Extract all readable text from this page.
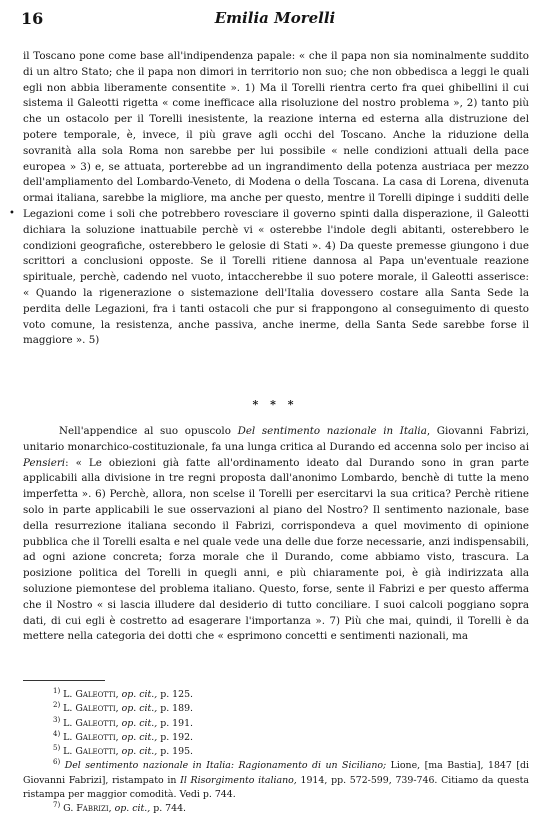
16	Emilia Morelli
•

il Toscano pone come base all'indipendenza papale: « che il papa non sia nominalmente suddito di un altro Stato; che il papa non dimori in territorio non suo; che non obbedisca a leggi le quali egli non abbia liberamente consentite ». 1) Ma il Torelli rientra certo fra quei ghibellini il cui sistema il Galeotti rigetta « come inefficace alla risoluzione del nostro problema », 2) tanto più che un ostacolo per il Torelli inesistente, la reazione interna ed esterna alla distruzione del potere temporale, è, invece, il più grave agli occhi del Toscano. Anche la riduzione della sovranità alla sola Roma non sarebbe per lui possibile « nelle condizioni attuali della pace europea » 3) e, se attuata, porterebbe ad un ingrandimento della potenza austriaca per mezzo dell'ampliamento del Lombardo-Veneto, di Modena o della Toscana. La casa di Lorena, divenuta ormai italiana, sarebbe la migliore, ma anche per questo, mentre il Torelli dipinge i sudditi delle Legazioni come i soli che potrebbero rovesciare il governo spinti dalla disperazione, il Galeotti dichiara la soluzione inattuabile perchè vi « osterebbe l'indole degli abitanti, osterebbero le condizioni geografiche, osterebbero le gelosie di Stati ». 4) Da queste premesse giungono i due scrittori a conclusioni opposte. Se il Torelli ritiene dannosa al Papa un'eventuale reazione spirituale, perchè, cadendo nel vuoto, intaccherebbe il suo potere morale, il Galeotti asserisce: « Quando la rigenerazione o sistemazione dell'Italia dovessero costare alla Santa Sede la perdita delle Legazioni, fra i tanti ostacoli che pur si frappongono al conseguimento di questo voto comune, la resistenza, anche passiva, anche inerme, della Santa Sede sarebbe forse il maggiore ». 5)

* * *

Nell'appendice al suo opuscolo Del sentimento nazionale in Italia, Giovanni Fabrizi, unitario monarchico-costituzionale, fa una lunga critica al Durando ed accenna solo per inciso ai Pensieri: « Le obiezioni già fatte all'ordinamento ideato dal Durando sono in gran parte applicabili alla divisione in tre regni proposta dall'anonimo Lombardo, benchè di tutte la meno imperfetta ». 6) Perchè, allora, non scelse il Torelli per esercitarvi la sua critica? Perchè ritiene solo in parte applicabili le sue osservazioni al piano del Nostro? Il sentimento nazionale, base della resurrezione italiana secondo il Fabrizi, corrispondeva a quel movimento di opinione pubblica che il Torelli esalta e nel quale vede una delle due forze necessarie, anzi indispensabili, ad ogni azione concreta; forza morale che il Durando, come abbiamo visto, trascura. La posizione politica del Torelli in quegli anni, e più chiaramente poi, è già indirizzata alla soluzione piemontese del problema italiano. Questo, forse, sente il Fabrizi e per questo afferma che il Nostro « si lascia illudere dal desiderio di tutto conciliare. I suoi calcoli poggiano sopra dati, di cui egli è costretto ad esagerare l'importanza ». 7) Più che mai, quindi, il Torelli è da mettere nella categoria dei dotti che « esprimono concetti e sentimenti nazionali, ma

$^{1)}$ L. Galeotti, op. cit., p. 125.
$^{2)}$ L. Galeotti, op. cit., p. 189.
$^{3)}$ L. Galeotti, op. cit., p. 191.
$^{4)}$ L. Galeotti, op. cit., p. 192.
$^{5)}$ L. Galeotti, op. cit., p. 195.
$^{6)}$ Del sentimento nazionale in Italia: Ragionamento di un Siciliano; Lione, [ma Bastia], 1847 [di Giovanni Fabrizi], ristampato in Il Risorgimento italiano, 1914, pp. 572-599, 739-746. Citiamo da questa ristampa per maggior comodità. Vedi p. 744.
$^{7)}$ G. Fabrizi, op. cit., p. 744.
